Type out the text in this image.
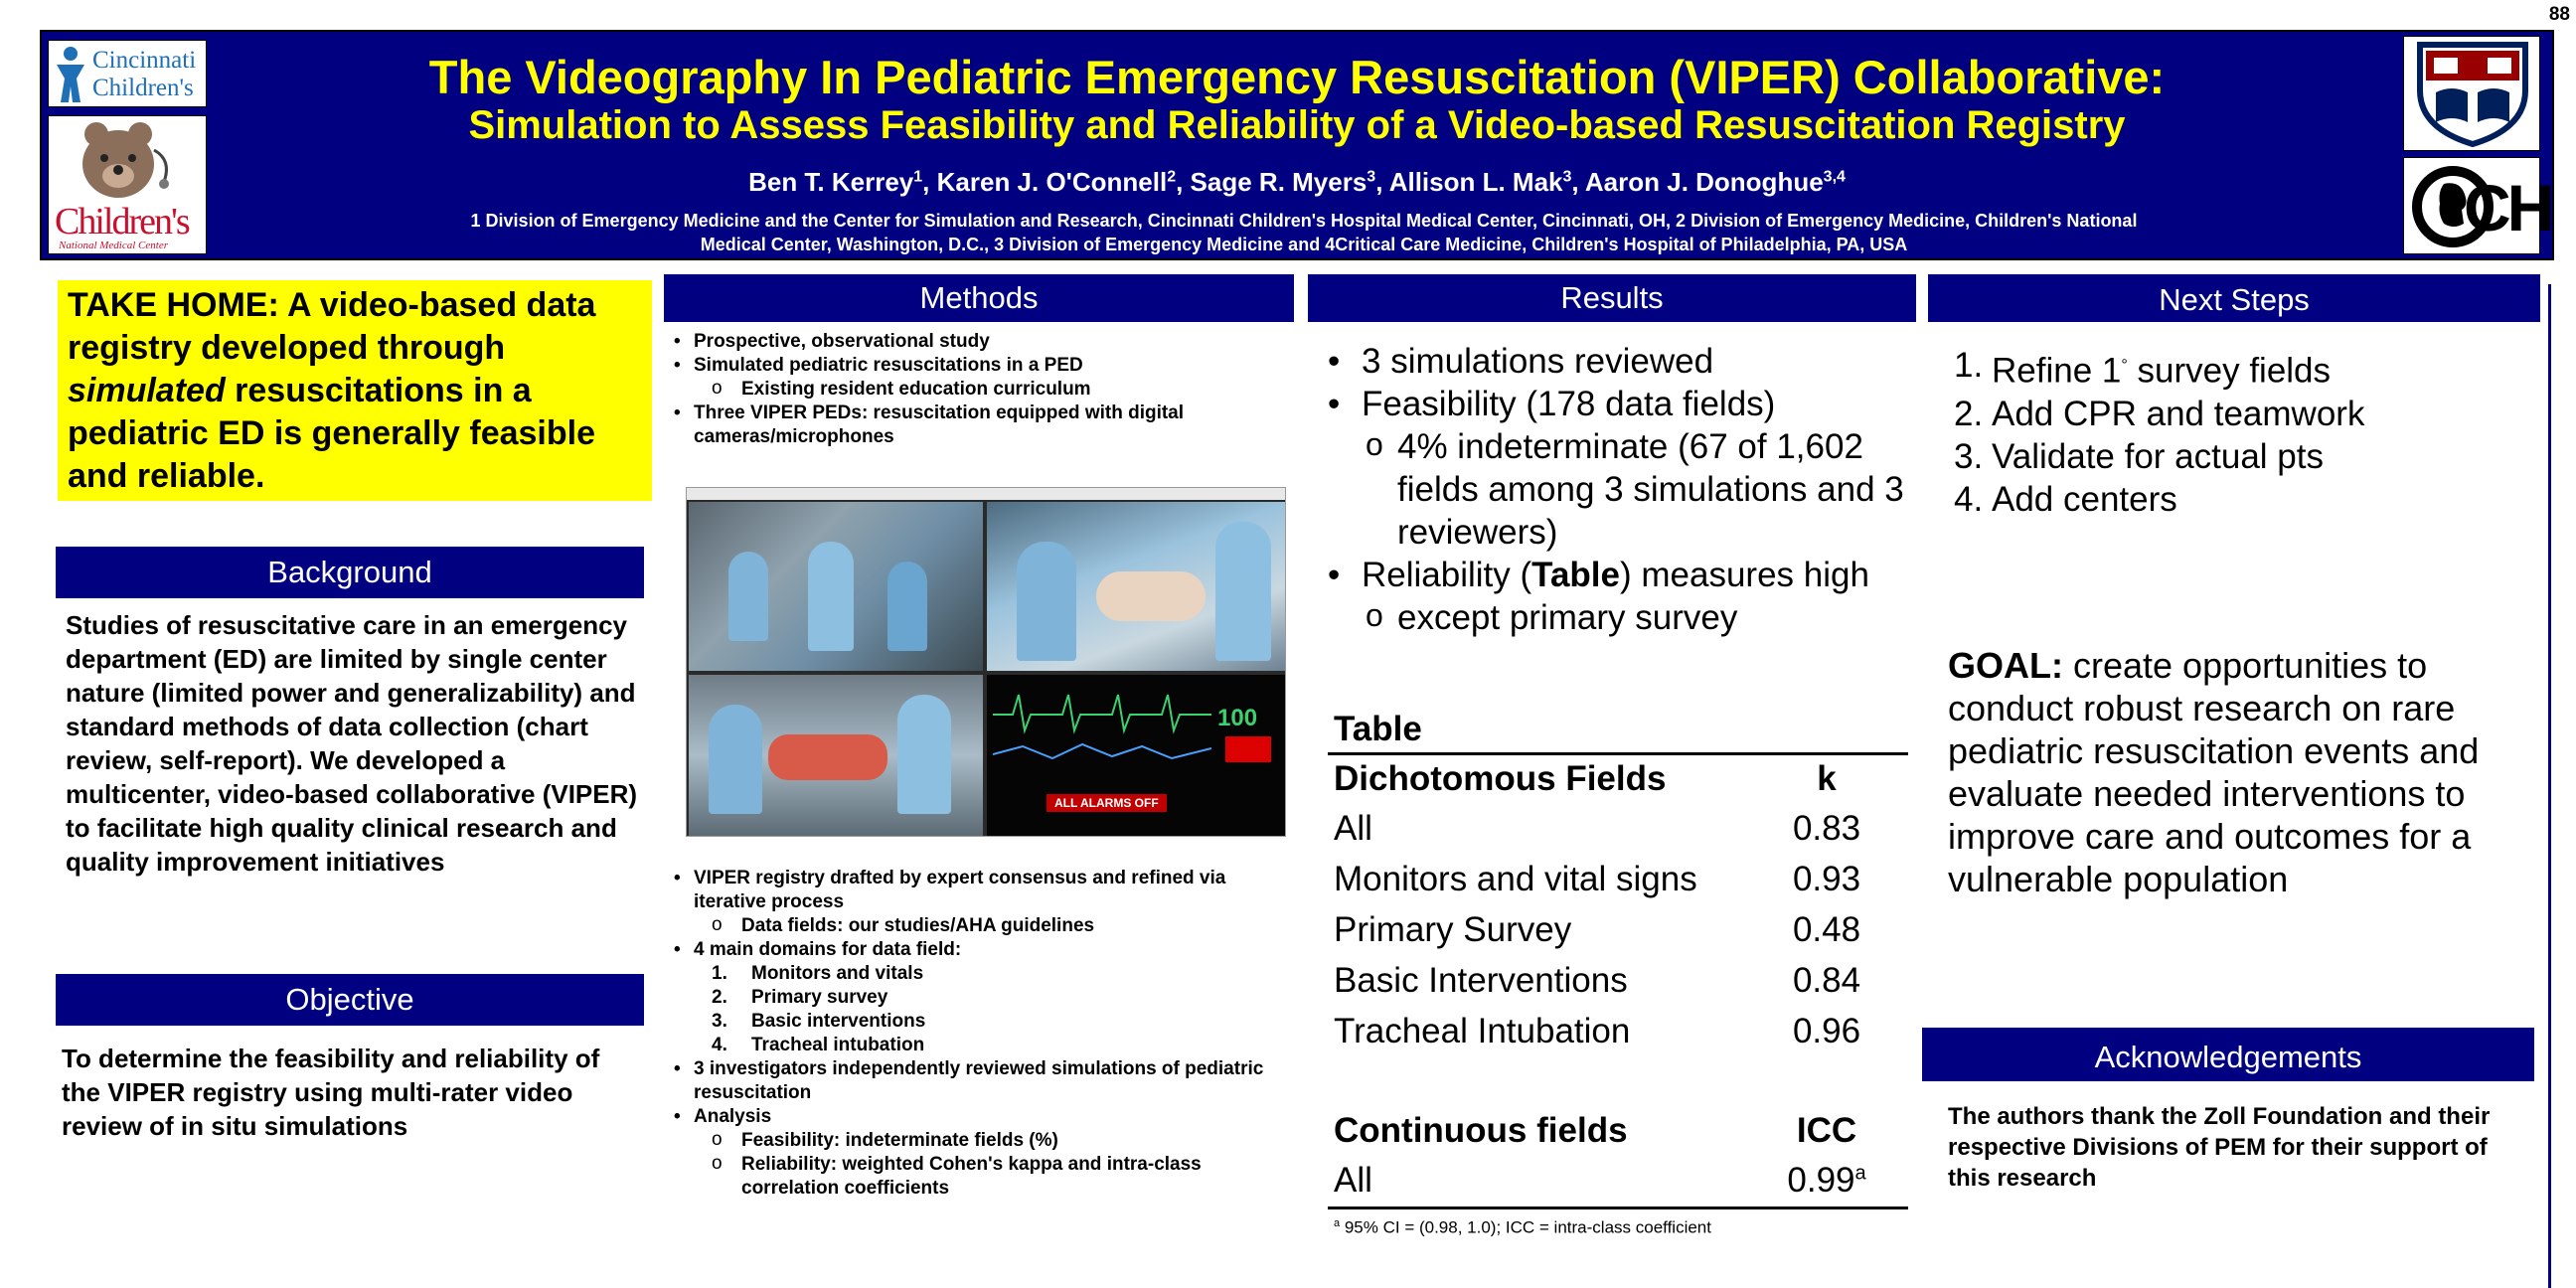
88
Cincinnati
Children's
Children's
National Medical Center
The Videography In Pediatric Emergency Resuscitation (VIPER) Collaborative:
Simulation to Assess Feasibility and Reliability of a Video-based Resuscitation Registry
Ben T. Kerrey$^1$, Karen J. O'Connell$^2$, Sage R. Myers$^3$, Allison L. Mak$^3$, Aaron J. Donoghue$^{3,4}$
1 Division of Emergency Medicine and the Center for Simulation and Research, Cincinnati Children's Hospital Medical Center, Cincinnati, OH, 2 Division of Emergency Medicine, Children's National
Medical Center, Washington, D.C., 3 Division of Emergency Medicine and 4Critical Care Medicine, Children's Hospital of Philadelphia, PA, USA	CH
TAKE HOME: A video-based data registry developed through simulated resuscitations in a pediatric ED is generally feasible and reliable.
Background
Studies of resuscitative care in an emergency department (ED) are limited by single center nature (limited power and generalizability) and standard methods of data collection (chart review, self-report). We developed a multicenter, video-based collaborative (VIPER) to facilitate high quality clinical research and quality improvement initiatives
Objective
To determine the feasibility and reliability of the VIPER registry using multi-rater video review of in situ simulations
Methods
• Prospective, observational study
• Simulated pediatric resuscitations in a PED
o Existing resident education curriculum
• Three VIPER PEDs: resuscitation equipped with digital cameras/microphones
100
ALL ALARMS OFF
• VIPER registry drafted by expert consensus and refined via iterative process
o Data fields: our studies/AHA guidelines
• 4 main domains for data field:
1. Monitors and vitals
2. Primary survey
3. Basic interventions
4. Tracheal intubation
• 3 investigators independently reviewed simulations of pediatric resuscitation
• Analysis
o Feasibility: indeterminate fields (%)
o Reliability: weighted Cohen's kappa and intra-class correlation coefficients
Results
• 3 simulations reviewed
• Feasibility (178 data fields)
o 4% indeterminate (67 of 1,602 fields among 3 simulations and 3 reviewers)
• Reliability (Table) measures high
o except primary survey
Table
Dichotomous Fields	k
All	0.83
Monitors and vital signs	0.93
Primary Survey	0.48
Basic Interventions	0.84
Tracheal Intubation	0.96
Continuous fields	ICC
All	0.99$^a$
$^a$ 95% CI = (0.98, 1.0); ICC = intra-class coefficient
Next Steps
1. Refine 1° survey fields
2. Add CPR and teamwork
3. Validate for actual pts
4. Add centers
GOAL: create opportunities to conduct robust research on rare pediatric resuscitation events and evaluate needed interventions to improve care and outcomes for a vulnerable population
Acknowledgements
The authors thank the Zoll Foundation and their respective Divisions of PEM for their support of this research
